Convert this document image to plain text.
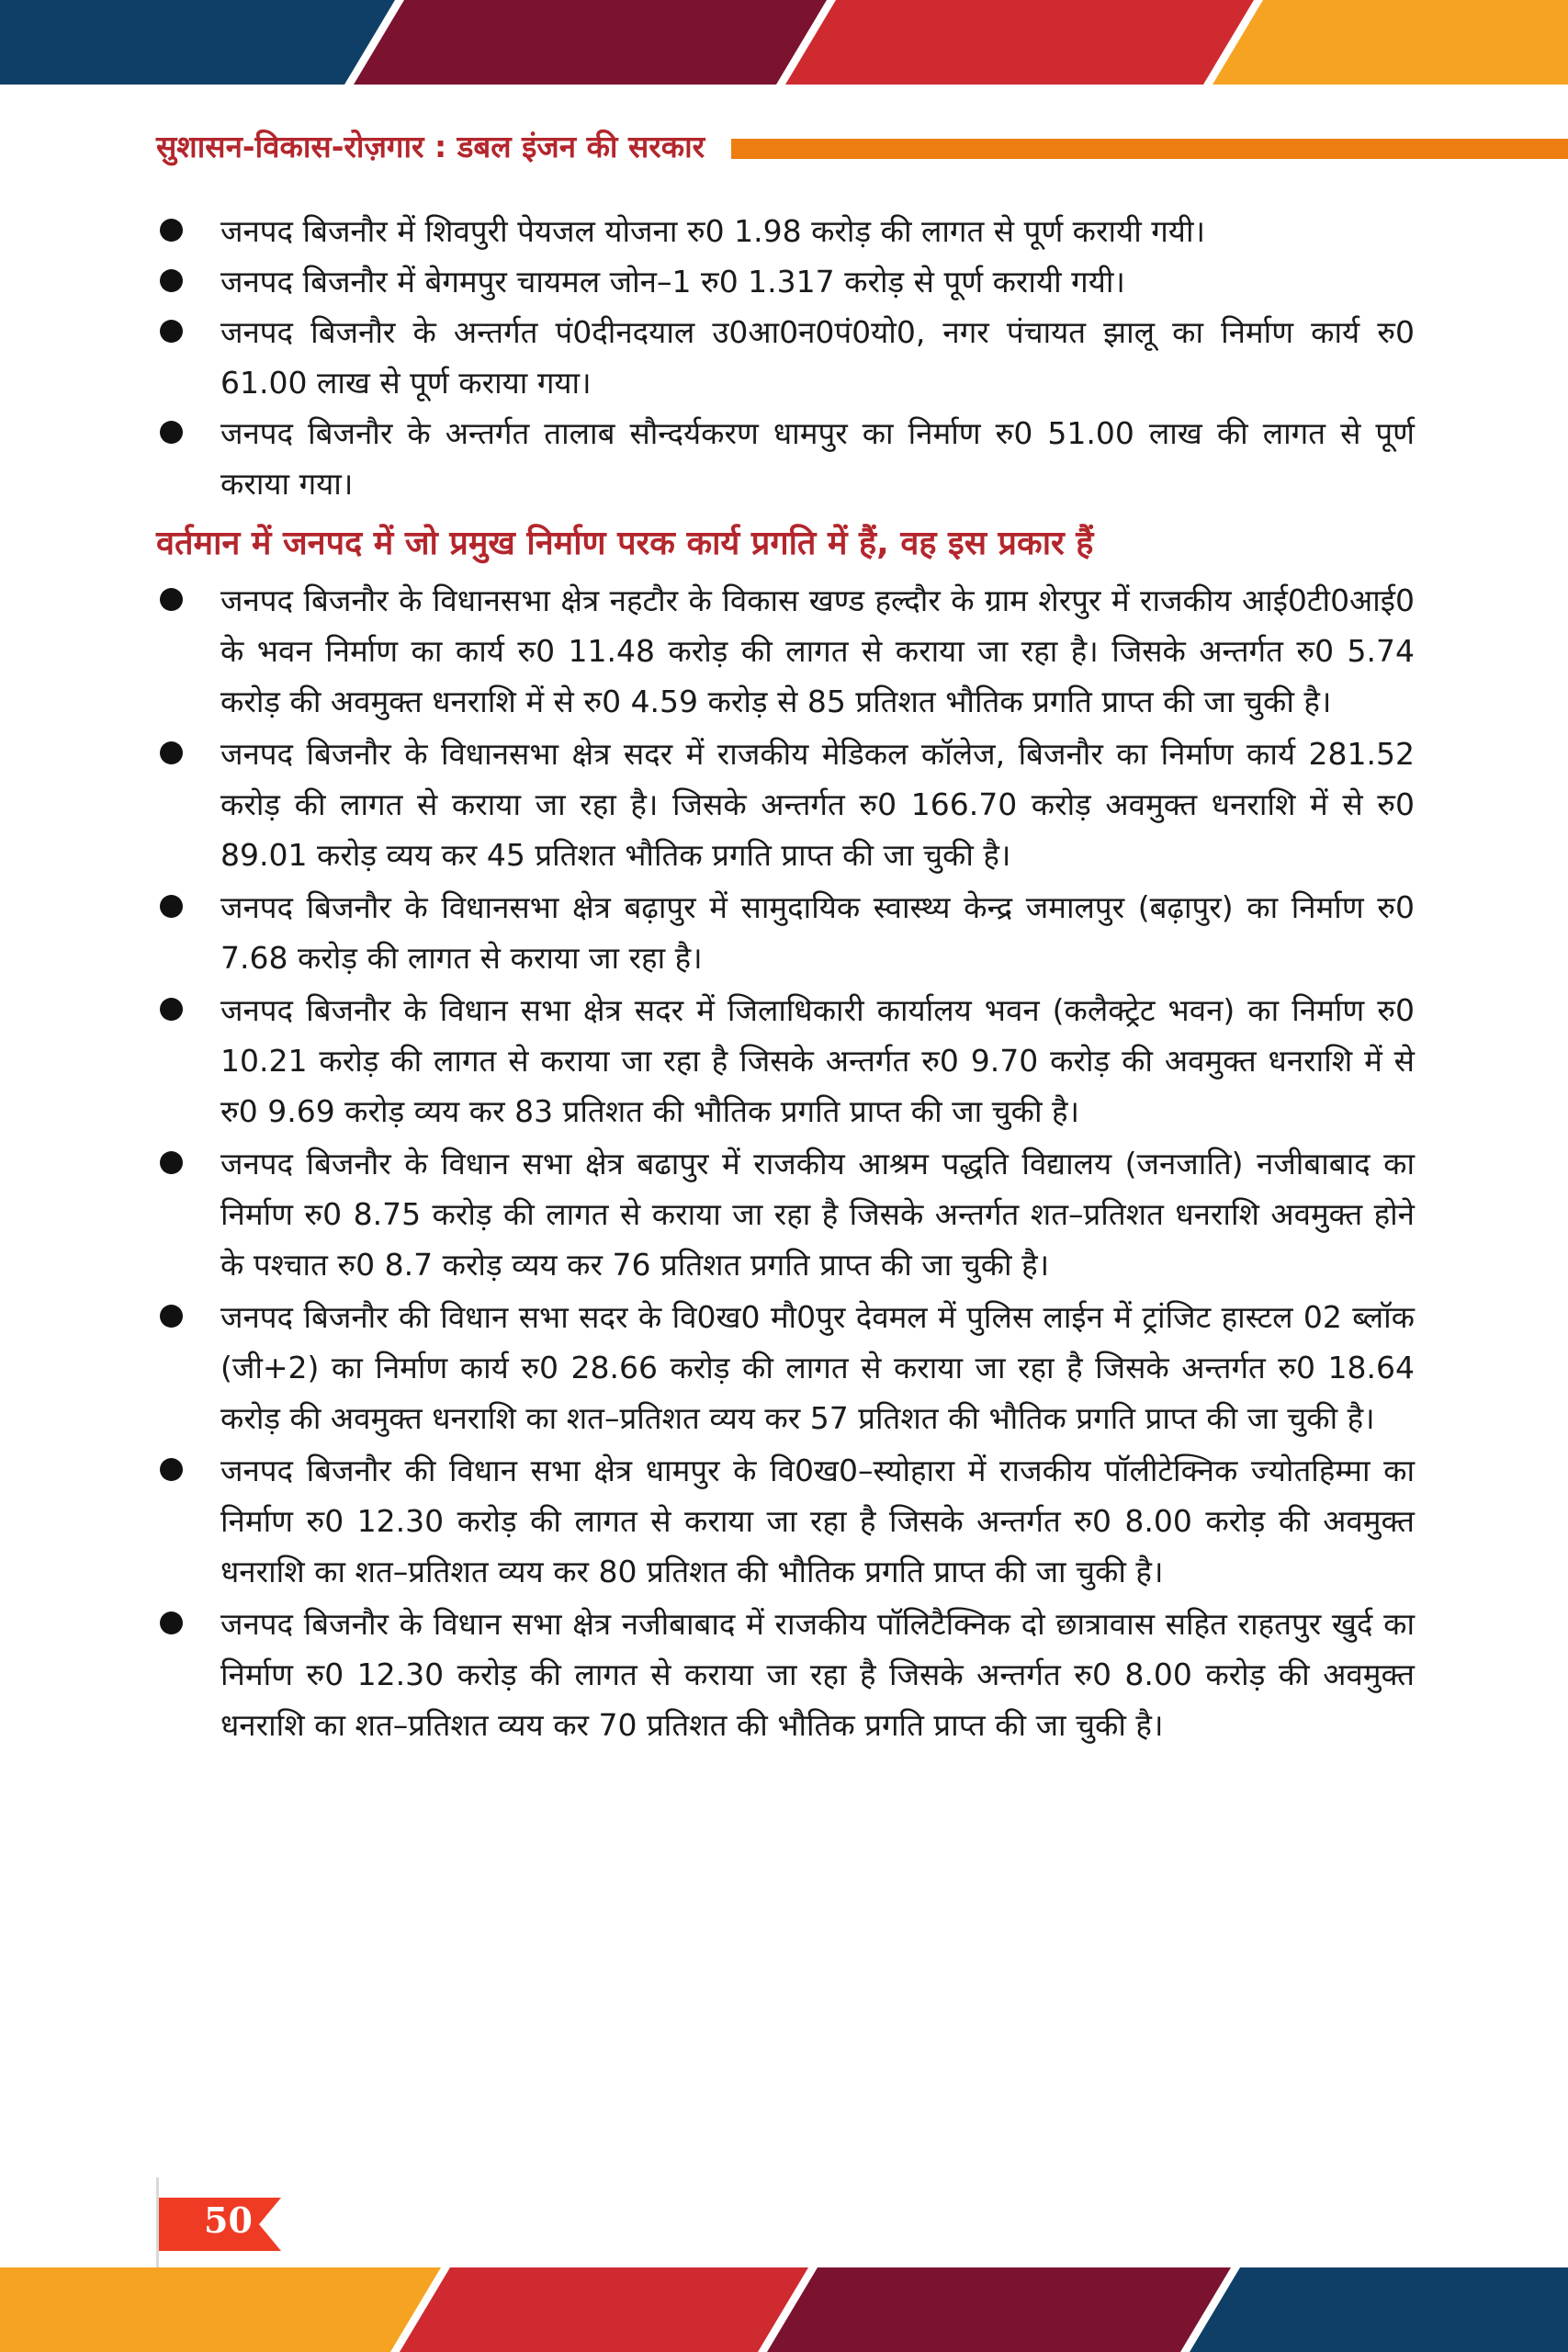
सुशासन-विकास-रोज़गार : डबल इंजन की सरकार
जनपद बिजनौर में शिवपुरी पेयजल योजना रु0 1.98 करोड़ की लागत से पूर्ण करायी गयी।
जनपद बिजनौर में बेगमपुर चायमल जोन–1 रु0 1.317 करोड़ से पूर्ण करायी गयी।
जनपद बिजनौर के अन्तर्गत पं0दीनदयाल उ0आ0न0पं0यो0, नगर पंचायत झालू का निर्माण कार्य रु0 61.00 लाख से पूर्ण कराया गया।
जनपद बिजनौर के अन्तर्गत तालाब सौन्दर्यकरण धामपुर का निर्माण रु0 51.00 लाख की लागत से पूर्ण कराया गया।
वर्तमान में जनपद में जो प्रमुख निर्माण परक कार्य प्रगति में हैं, वह इस प्रकार हैं
जनपद बिजनौर के विधानसभा क्षेत्र नहटौर के विकास खण्ड हल्दौर के ग्राम शेरपुर में राजकीय आई0टी0आई0 के भवन निर्माण का कार्य रु0 11.48 करोड़ की लागत से कराया जा रहा है। जिसके अन्तर्गत रु0 5.74 करोड़ की अवमुक्त धनराशि में से रु0 4.59 करोड़ से 85 प्रतिशत भौतिक प्रगति प्राप्त की जा चुकी है।
जनपद बिजनौर के विधानसभा क्षेत्र सदर में राजकीय मेडिकल कॉलेज, बिजनौर का निर्माण कार्य 281.52 करोड़ की लागत से कराया जा रहा है। जिसके अन्तर्गत रु0 166.70 करोड़ अवमुक्त धनराशि में से रु0 89.01 करोड़ व्यय कर 45 प्रतिशत भौतिक प्रगति प्राप्त की जा चुकी है।
जनपद बिजनौर के विधानसभा क्षेत्र बढ़ापुर में सामुदायिक स्वास्थ्य केन्द्र जमालपुर (बढ़ापुर) का निर्माण रु0 7.68 करोड़ की लागत से कराया जा रहा है।
जनपद बिजनौर के विधान सभा क्षेत्र सदर में जिलाधिकारी कार्यालय भवन (कलैक्ट्रेट भवन) का निर्माण रु0 10.21 करोड़ की लागत से कराया जा रहा है जिसके अन्तर्गत रु0 9.70 करोड़ की अवमुक्त धनराशि में से रु0 9.69 करोड़ व्यय कर 83 प्रतिशत की भौतिक प्रगति प्राप्त की जा चुकी है।
जनपद बिजनौर के विधान सभा क्षेत्र बढापुर में राजकीय आश्रम पद्धति विद्यालय (जनजाति) नजीबाबाद का निर्माण रु0 8.75 करोड़ की लागत से कराया जा रहा है जिसके अन्तर्गत शत–प्रतिशत धनराशि अवमुक्त होने के पश्चात रु0 8.7 करोड़ व्यय कर 76 प्रतिशत प्रगति प्राप्त की जा चुकी है।
जनपद बिजनौर की विधान सभा सदर के वि0ख0 मौ0पुर देवमल में पुलिस लाईन में ट्रांजिट हास्टल 02 ब्लॉक (जी+2) का निर्माण कार्य रु0 28.66 करोड़ की लागत से कराया जा रहा है जिसके अन्तर्गत रु0 18.64 करोड़ की अवमुक्त धनराशि का शत–प्रतिशत व्यय कर 57 प्रतिशत की भौतिक प्रगति प्राप्त की जा चुकी है।
जनपद बिजनौर की विधान सभा क्षेत्र धामपुर के वि0ख0–स्योहारा में राजकीय पॉलीटेक्निक ज्योतहिम्मा का निर्माण रु0 12.30 करोड़ की लागत से कराया जा रहा है जिसके अन्तर्गत रु0 8.00 करोड़ की अवमुक्त धनराशि का शत–प्रतिशत व्यय कर 80 प्रतिशत की भौतिक प्रगति प्राप्त की जा चुकी है।
जनपद बिजनौर के विधान सभा क्षेत्र नजीबाबाद में राजकीय पॉलिटैक्निक दो छात्रावास सहित राहतपुर खुर्द का निर्माण रु0 12.30 करोड़ की लागत से कराया जा रहा है जिसके अन्तर्गत रु0 8.00 करोड़ की अवमुक्त धनराशि का शत–प्रतिशत व्यय कर 70 प्रतिशत की भौतिक प्रगति प्राप्त की जा चुकी है।
50
